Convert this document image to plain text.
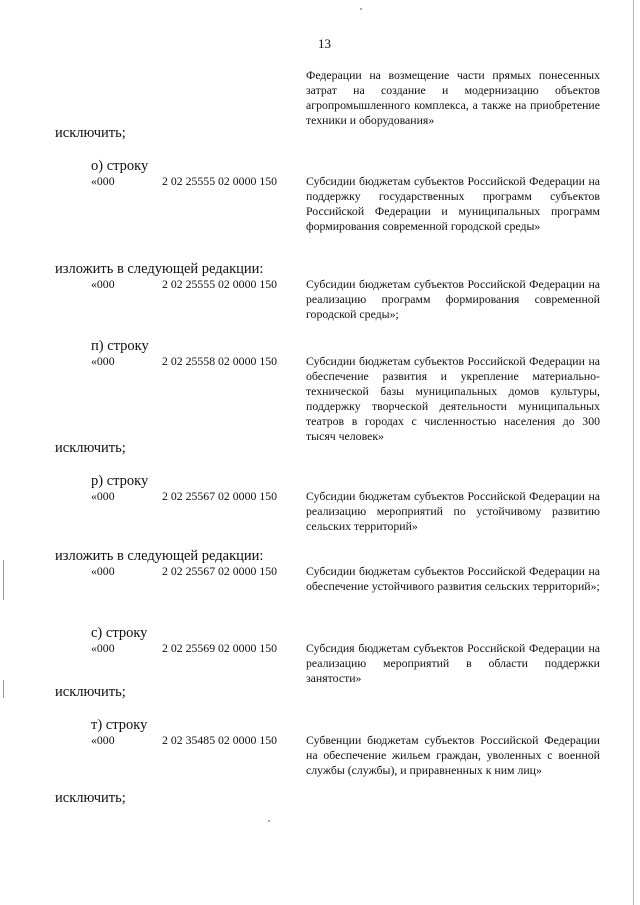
13
Федерации на возмещение части прямых понесенных затрат на создание и модернизацию объектов агропромышленного комплекса, а также на приобретение техники и оборудования»
исключить;
о) строку
«000	2 02 25555 02 0000 150 Субсидии бюджетам субъектов Российской Федерации на поддержку государственных программ субъектов Российской Федерации и муниципальных программ формирования современной городской среды»
изложить в следующей редакции:
«000	2 02 25555 02 0000 150 Субсидии бюджетам субъектов Российской Федерации на реализацию программ формирования современной городской среды»;
п) строку
«000	2 02 25558 02 0000 150 Субсидии бюджетам субъектов Российской Федерации на обеспечение развития и укрепление материально-технической базы муниципальных домов культуры, поддержку творческой деятельности муниципальных театров в городах с численностью населения до 300 тысяч человек»
исключить;
р) строку
«000	2 02 25567 02 0000 150 Субсидии бюджетам субъектов Российской Федерации на реализацию мероприятий по устойчивому развитию сельских территорий»
изложить в следующей редакции:
«000	2 02 25567 02 0000 150 Субсидии бюджетам субъектов Российской Федерации на обеспечение устойчивого развития сельских территорий»;
с) строку
«000	2 02 25569 02 0000 150 Субсидия бюджетам субъектов Российской Федерации на реализацию мероприятий в области поддержки занятости»
исключить;
т) строку
«000	2 02 35485 02 0000 150 Субвенции бюджетам субъектов Российской Федерации на обеспечение жильем граждан, уволенных с военной службы (службы), и приравненных к ним лиц»
исключить;
